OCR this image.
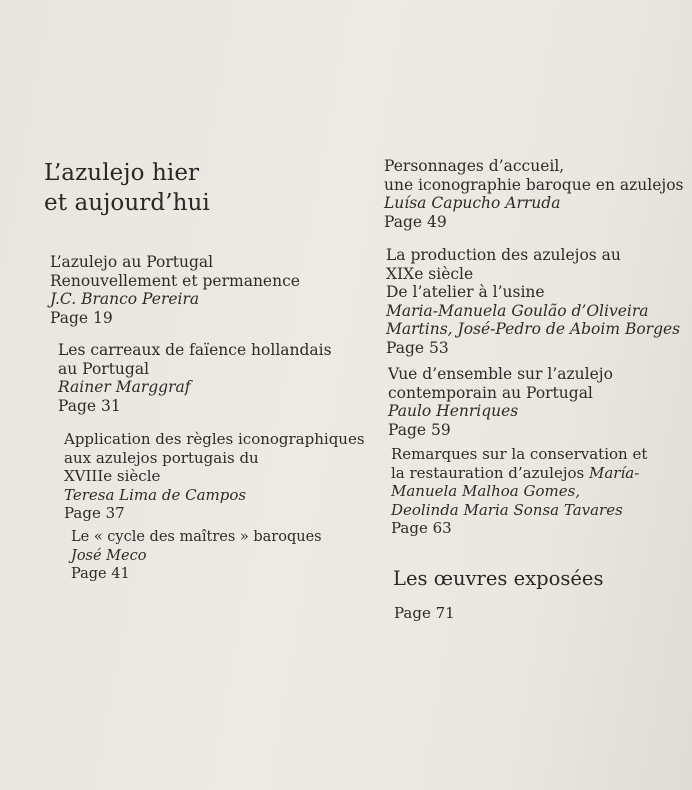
L’azulejo hier
et aujourd’hui
L’azulejo au Portugal
Renouvellement et permanence
J.C. Branco Pereira
Page 19
Les carreaux de faïence hollandais
au Portugal
Rainer Marggraf
Page 31
Application des règles iconographiques
aux azulejos portugais du
XVIIIe siècle
Teresa Lima de Campos
Page 37
Le « cycle des maîtres » baroques
José Meco
Page 41
Personnages d’accueil,
une iconographie baroque en azulejos
Luísa Capucho Arruda
Page 49
La production des azulejos au
XIXe siècle
De l’atelier à l’usine
Maria-Manuela Goulão d’Oliveira
Martins, José-Pedro de Aboim Borges
Page 53
Vue d’ensemble sur l’azulejo
contemporain au Portugal
Paulo Henriques
Page 59
Remarques sur la conservation et
la restauration d’azulejos María-
Manuela Malhoa Gomes,
Deolinda Maria Sonsa Tavares
Page 63
Les œuvres exposées
Page 71
